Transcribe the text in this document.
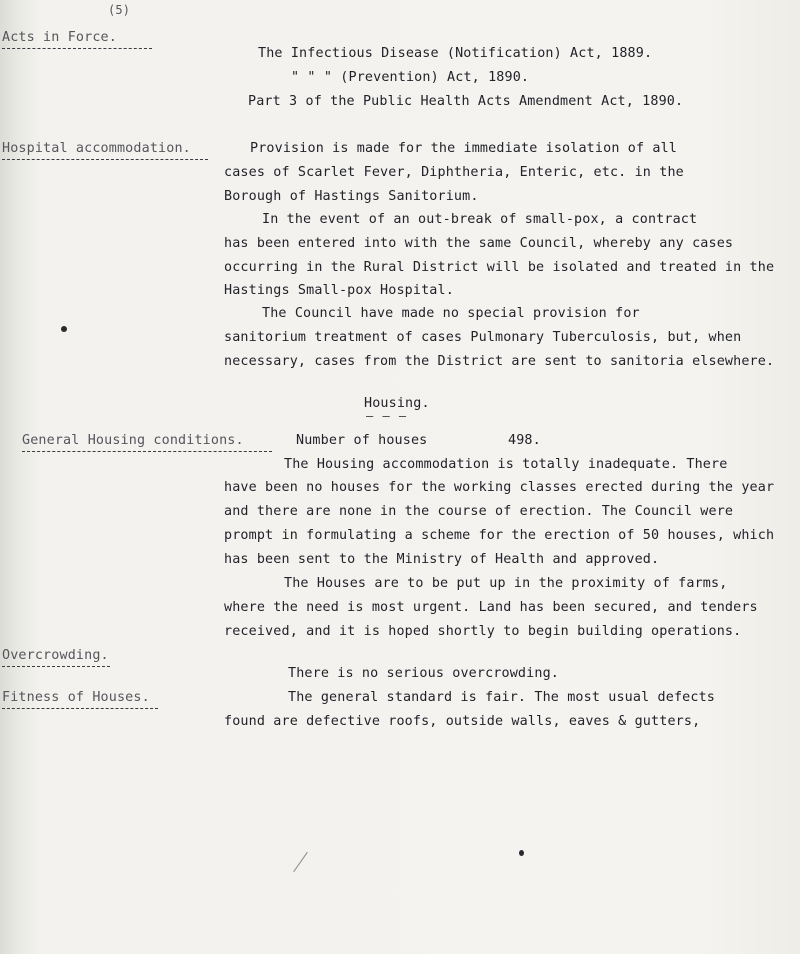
(5)
Acts in Force.
The Infectious Disease (Notification) Act, 1889.
" " " (Prevention) Act, 1890.
Part 3 of the Public Health Acts Amendment Act, 1890.
Hospital accommodation.	Provision is made for the immediate isolation of all
cases of Scarlet Fever, Diphtheria, Enteric, etc. in the
Borough of Hastings Sanitorium.
In the event of an out-break of small-pox, a contract
has been entered into with the same Council, whereby any cases
occurring in the Rural District will be isolated and treated in the
Hastings Small-pox Hospital.
The Council have made no special provision for
sanitorium treatment of cases Pulmonary Tuberculosis, but, when
necessary, cases from the District are sent to sanitoria elsewhere.
Housing.
— — —
General Housing conditions.	Number of houses	498.
The Housing accommodation is totally inadequate. There
have been no houses for the working classes erected during the year
and there are none in the course of erection. The Council were
prompt in formulating a scheme for the erection of 50 houses, which
has been sent to the Ministry of Health and approved.
The Houses are to be put up in the proximity of farms,
where the need is most urgent. Land has been secured, and tenders
received, and it is hoped shortly to begin building operations.
Overcrowding.
There is no serious overcrowding.
Fitness of Houses.	The general standard is fair. The most usual defects
found are defective roofs, outside walls, eaves & gutters,
